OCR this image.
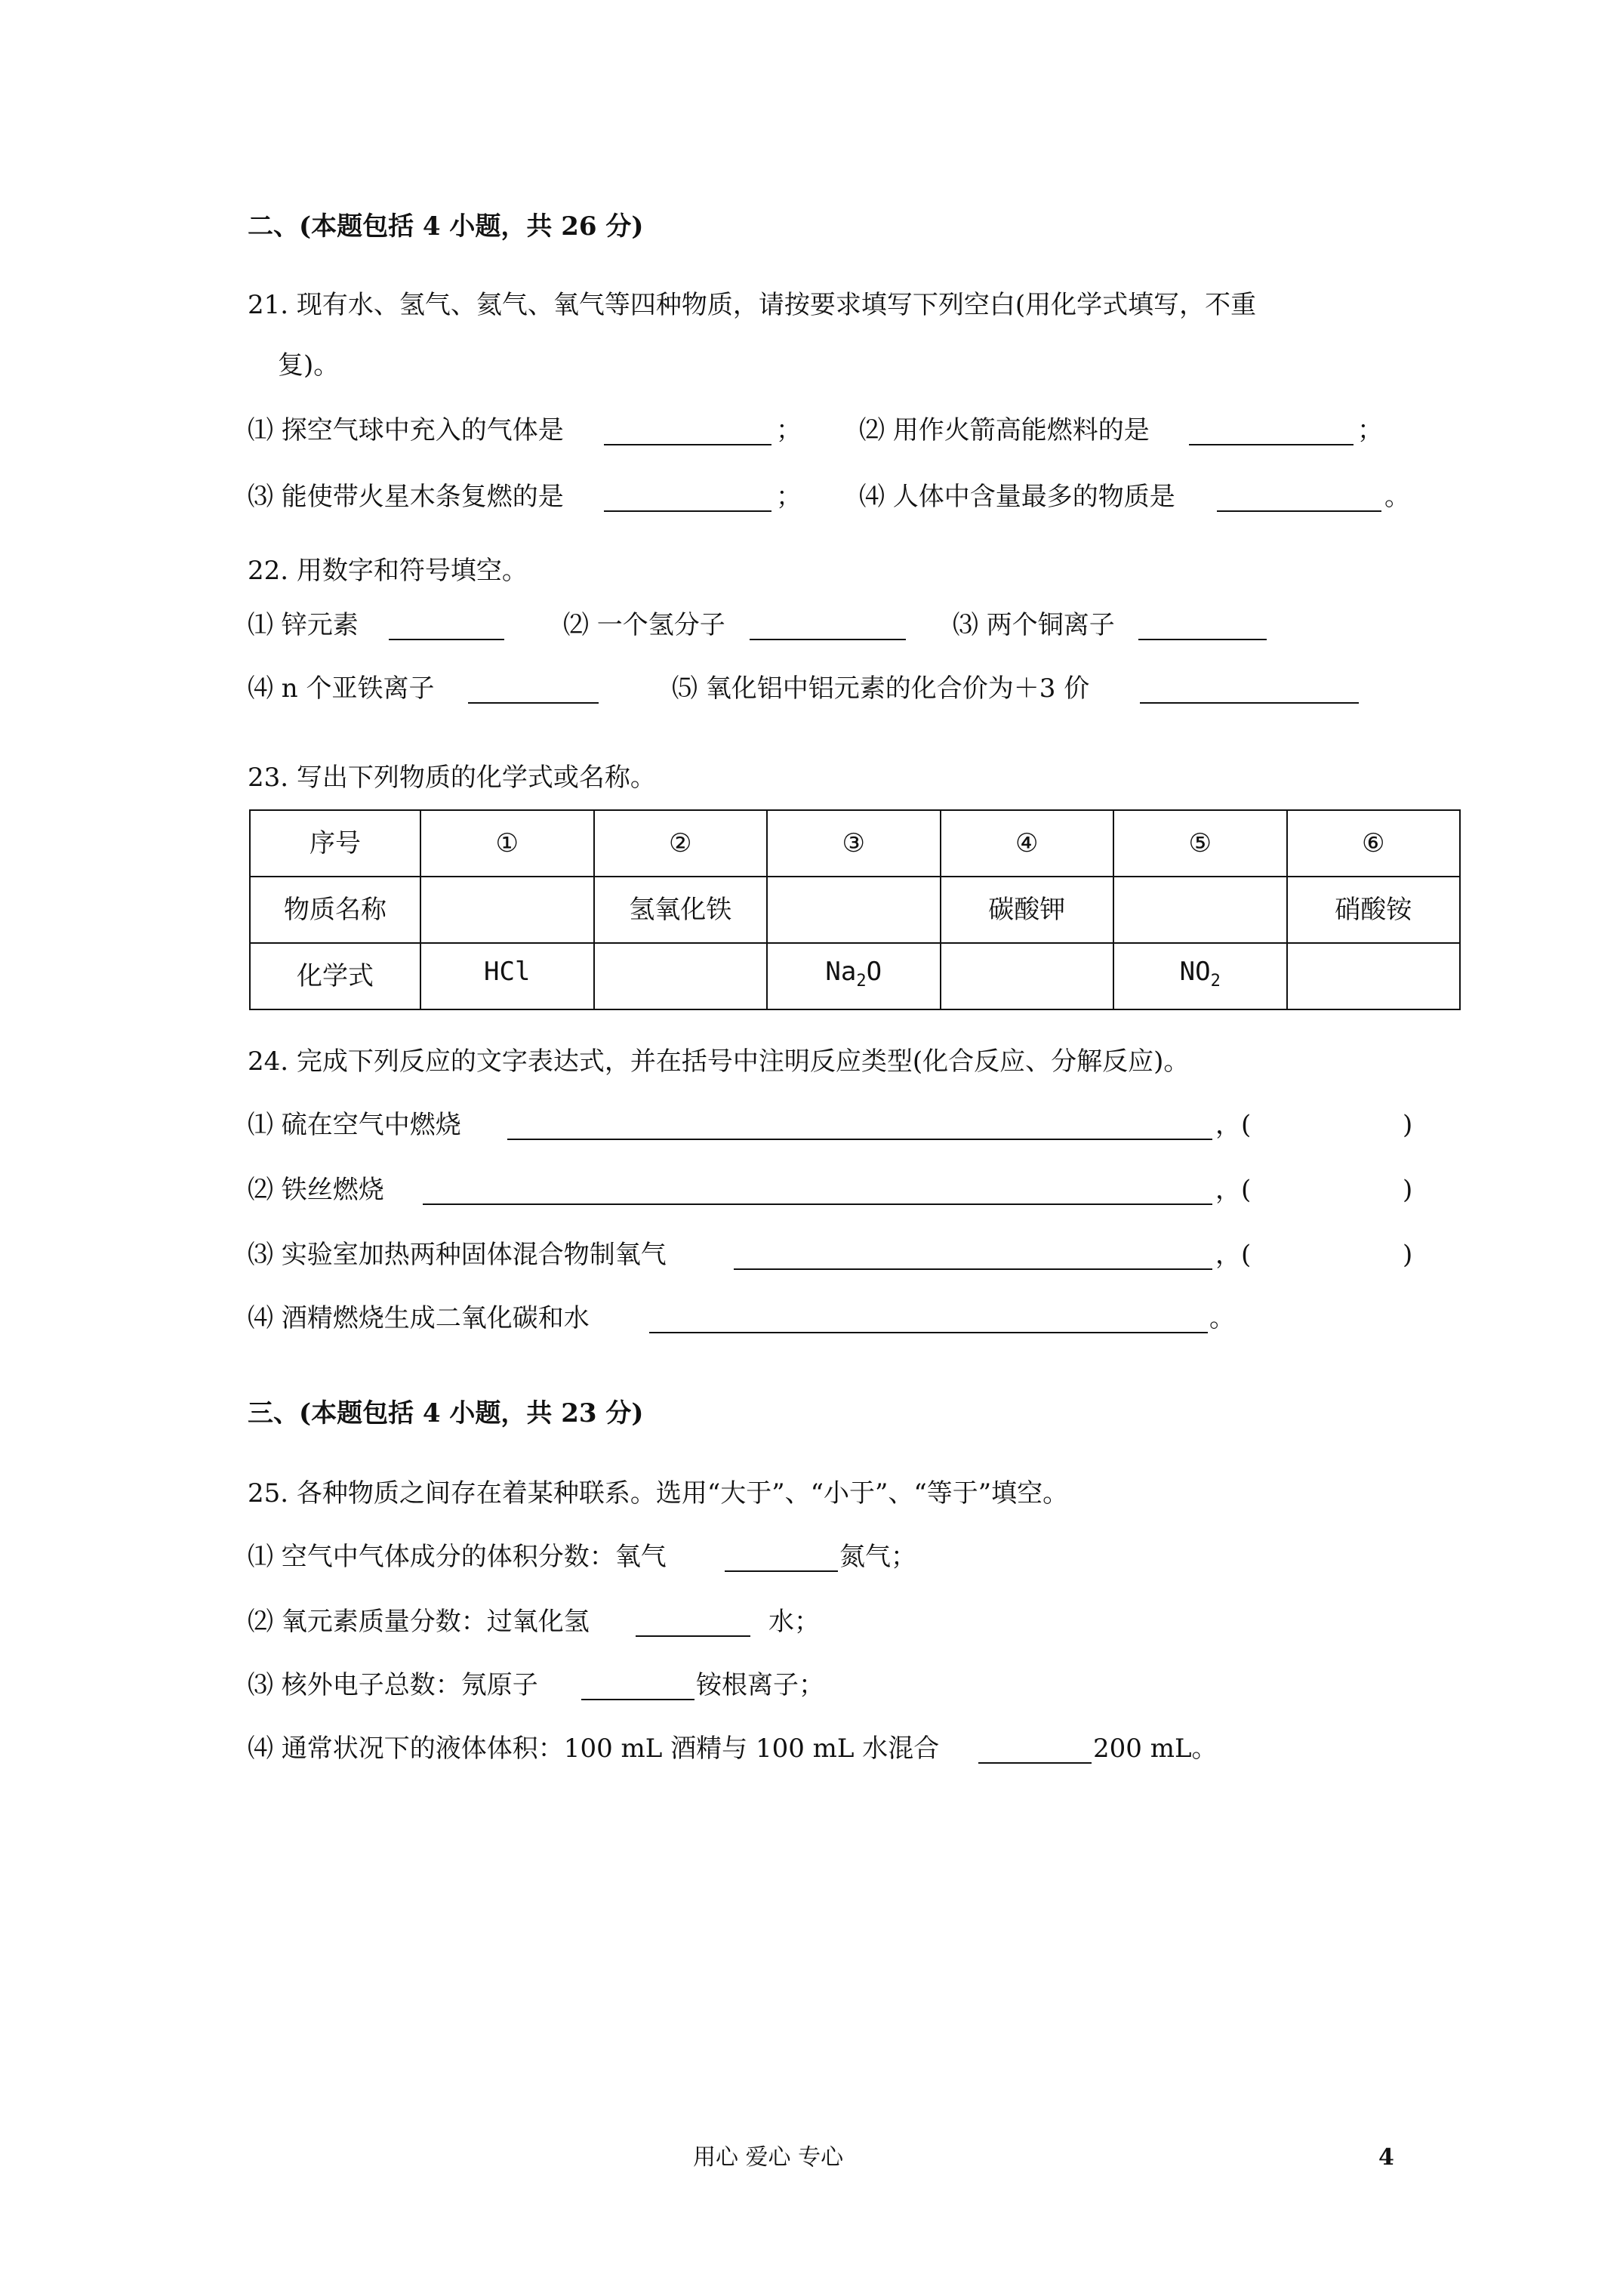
二、(本题包括 4 小题，共 26 分)
21. 现有水、氢气、氦气、氧气等四种物质，请按要求填写下列空白(用化学式填写，不重
复)。
⑴ 探空气球中充入的气体是	； ⑵ 用作火箭高能燃料的是	；
⑶ 能使带火星木条复燃的是	； ⑷ 人体中含量最多的物质是	。
22. 用数字和符号填空。
⑴ 锌元素	⑵ 一个氢分子	⑶ 两个铜离子
⑷ n 个亚铁离子	⑸ 氧化铝中铝元素的化合价为＋3 价
23. 写出下列物质的化学式或名称。
序号	①	②	③	④	⑤	⑥
物质名称		氢氧化铁		碳酸钾		硝酸铵
化学式	HCl		$Na_2O$		$NO_2$	
24. 完成下列反应的文字表达式，并在括号中注明反应类型(化合反应、分解反应)。
⑴ 硫在空气中燃烧	，(	)
⑵ 铁丝燃烧	，(	)
⑶ 实验室加热两种固体混合物制氧气	，(	)
⑷ 酒精燃烧生成二氧化碳和水	。
三、(本题包括 4 小题，共 23 分)
25. 各种物质之间存在着某种联系。选用“大于”、“小于”、“等于”填空。
⑴ 空气中气体成分的体积分数：氧气	氮气；
⑵ 氧元素质量分数：过氧化氢	水；
⑶ 核外电子总数：氖原子	铵根离子；
⑷ 通常状况下的液体体积：100 mL 酒精与 100 mL 水混合	200 mL。
用心 爱心 专心	4
